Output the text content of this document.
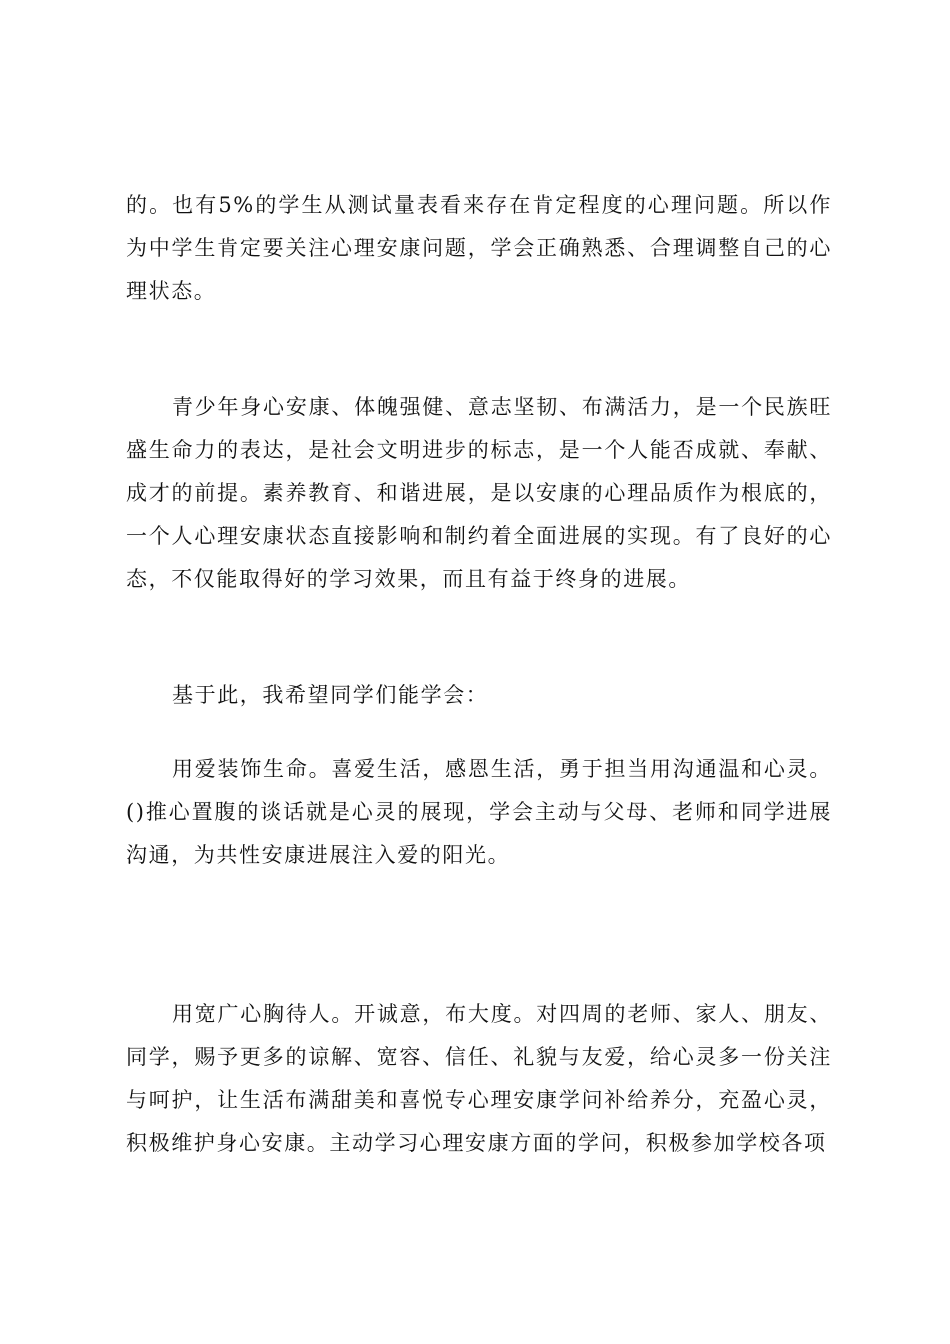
的。也有5%的学生从测试量表看来存在肯定程度的心理问题。所以作为中学生肯定要关注心理安康问题，学会正确熟悉、合理调整自己的心理状态。

青少年身心安康、体魄强健、意志坚韧、布满活力，是一个民族旺盛生命力的表达，是社会文明进步的标志，是一个人能否成就、奉献、成才的前提。素养教育、和谐进展，是以安康的心理品质作为根底的，一个人心理安康状态直接影响和制约着全面进展的实现。有了良好的心态，不仅能取得好的学习效果，而且有益于终身的进展。

基于此，我希望同学们能学会：

用爱装饰生命。喜爱生活，感恩生活，勇于担当用沟通温和心灵。()推心置腹的谈话就是心灵的展现，学会主动与父母、老师和同学进展沟通，为共性安康进展注入爱的阳光。

用宽广心胸待人。开诚意，布大度。对四周的老师、家人、朋友、同学，赐予更多的谅解、宽容、信任、礼貌与友爱，给心灵多一份关注与呵护，让生活布满甜美和喜悦专心理安康学问补给养分，充盈心灵，积极维护身心安康。主动学习心理安康方面的学问，积极参加学校各项
